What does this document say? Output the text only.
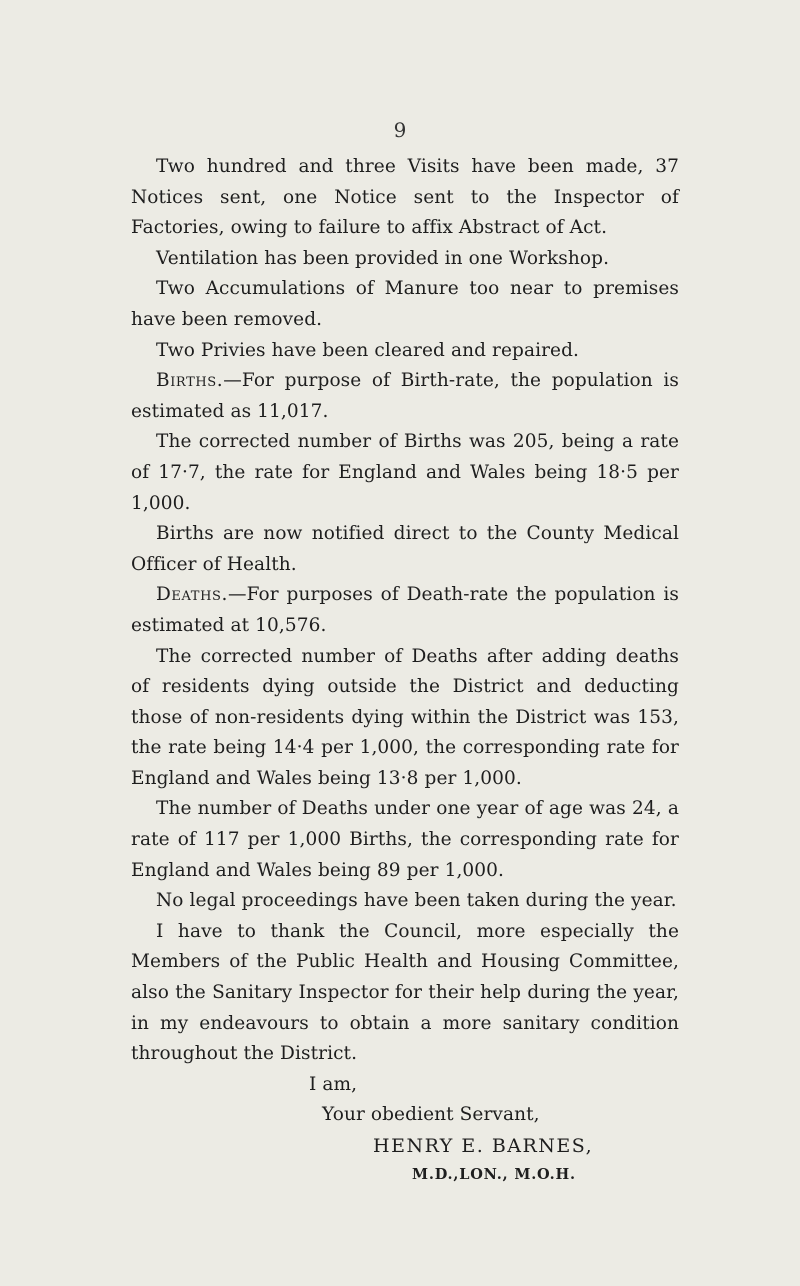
9

Two hundred and three Visits have been made, 37 Notices sent, one Notice sent to the Inspector of Factories, owing to failure to affix Abstract of Act.

Ventilation has been provided in one Workshop.

Two Accumulations of Manure too near to premises have been removed.

Two Privies have been cleared and repaired.

Births.—For purpose of Birth-rate, the population is estimated as 11,017.

The corrected number of Births was 205, being a rate of 17·7, the rate for England and Wales being 18·5 per 1,000.

Births are now notified direct to the County Medical Officer of Health.

Deaths.—For purposes of Death-rate the population is estimated at 10,576.

The corrected number of Deaths after adding deaths of residents dying outside the District and deducting those of non-residents dying within the District was 153, the rate being 14·4 per 1,000, the corresponding rate for England and Wales being 13·8 per 1,000.

The number of Deaths under one year of age was 24, a rate of 117 per 1,000 Births, the corresponding rate for England and Wales being 89 per 1,000.

No legal proceedings have been taken during the year.

I have to thank the Council, more especially the Members of the Public Health and Housing Committee, also the Sanitary Inspector for their help during the year, in my endeavours to obtain a more sanitary condition throughout the District.

I am,

Your obedient Servant,

HENRY E. BARNES,

M.D.,LON., M.O.H.
